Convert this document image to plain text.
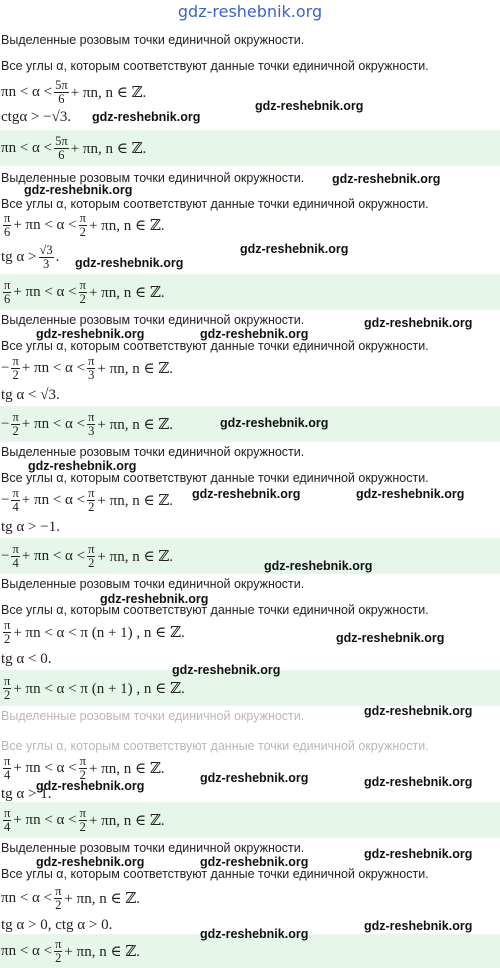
gdz-reshebnik.org
Выделенные розовым точки единичной окружности.
Все углы α, которым соответствуют данные точки единичной окружности.
$\pi n < \alpha < \frac{5\pi}{6} + \pi n$, n ∈ ℤ.
ctgα > −√3.
$\pi n < \alpha < \frac{5\pi}{6} + \pi n$, n ∈ ℤ.
Выделенные розовым точки единичной окружности.
Все углы α, которым соответствуют данные точки единичной окружности.
$\frac{\pi}{6} + \pi n < \alpha < \frac{\pi}{2} + \pi n$, n ∈ ℤ.
tg $\alpha > \frac{√3}{3}$ .
$\frac{\pi}{6} + \pi n < \alpha < \frac{\pi}{2} + \pi n$, n ∈ ℤ.
Выделенные розовым точки единичной окружности.
Все углы α, которым соответствуют данные точки единичной окружности.
− $\frac{\pi}{2} + \pi n < \alpha < \frac{\pi}{3} + \pi n$, n ∈ ℤ.
tg α < √3.
− $\frac{\pi}{2} + \pi n < \alpha < \frac{\pi}{3} + \pi n$, n ∈ ℤ.
Выделенные розовым точки единичной окружности.
Все углы α, которым соответствуют данные точки единичной окружности.
− $\frac{\pi}{4} + \pi n < \alpha < \frac{\pi}{2} + \pi n$, n ∈ ℤ.
tg α > −1.
− $\frac{\pi}{4} + \pi n < \alpha < \frac{\pi}{2} + \pi n$, n ∈ ℤ.
Выделенные розовым точки единичной окружности.
Все углы α, которым соответствуют данные точки единичной окружности.
$\frac{\pi}{2} + \pi n < \alpha < \pi$ (n + 1) , n ∈ ℤ.
tg α < 0.
$\frac{\pi}{2} + \pi n < \alpha < \pi$ (n + 1) , n ∈ ℤ.
Выделенные розовым точки единичной окружности.
Все углы α, которым соответствуют данные точки единичной окружности.
$\frac{\pi}{4} + \pi n < \alpha < \frac{\pi}{2} + \pi n$, n ∈ ℤ.
tg α > 1.
$\frac{\pi}{4} + \pi n < \alpha < \frac{\pi}{2} + \pi n$, n ∈ ℤ.
Выделенные розовым точки единичной окружности.
Все углы α, которым соответствуют данные точки единичной окружности.
$\pi n < \alpha < \frac{\pi}{2} + \pi n$, n ∈ ℤ.
tg α > 0, ctg α > 0.
$\pi n < \alpha < \frac{\pi}{2} + \pi n$, n ∈ ℤ.
gdz-reshebnik.org
gdz-reshebnik.org
gdz-reshebnik.org
gdz-reshebnik.org
gdz-reshebnik.org
gdz-reshebnik.org
gdz-reshebnik.org
gdz-reshebnik.org	gdz-reshebnik.org
gdz-reshebnik.org
gdz-reshebnik.org
gdz-reshebnik.org	gdz-reshebnik.org
gdz-reshebnik.org
gdz-reshebnik.org
gdz-reshebnik.org
gdz-reshebnik.org
gdz-reshebnik.org
gdz-reshebnik.org
gdz-reshebnik.org
gdz-reshebnik.org
gdz-reshebnik.org
gdz-reshebnik.org	gdz-reshebnik.org
gdz-reshebnik.org
gdz-reshebnik.org
